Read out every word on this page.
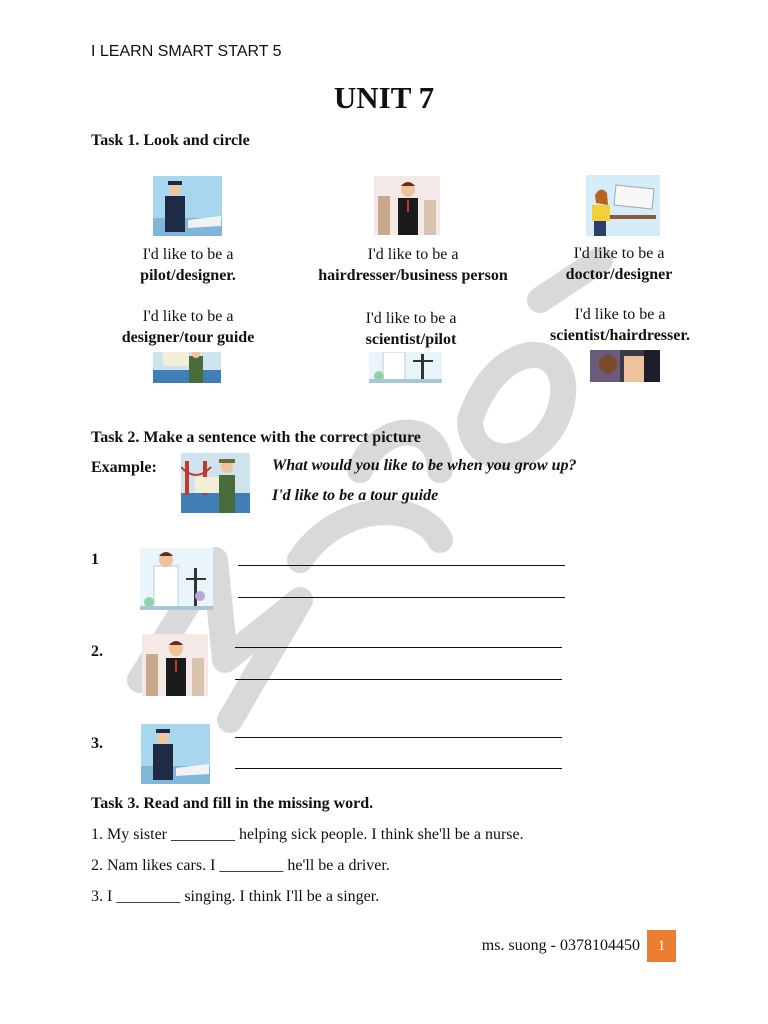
I LEARN SMART START 5
UNIT 7
Task 1. Look and circle
I'd like to be a
pilot/designer.
I'd like to be a
hairdresser/business person
I'd like to be a
doctor/designer
I'd like to be a
designer/tour guide
I'd like to be a
scientist/pilot
I'd like to be a
scientist/hairdresser.
Task 2. Make a sentence with the correct picture
Example:	What would you like to be when you grow up?
I'd like to be a tour guide
1
2.
3.
Task 3. Read and fill in the missing word.
1. My sister ________ helping sick people. I think she'll be a nurse.
2. Nam likes cars. I ________ he'll be a driver.
3. I ________ singing. I think I'll be a singer.
ms. suong - 0378104450	1
